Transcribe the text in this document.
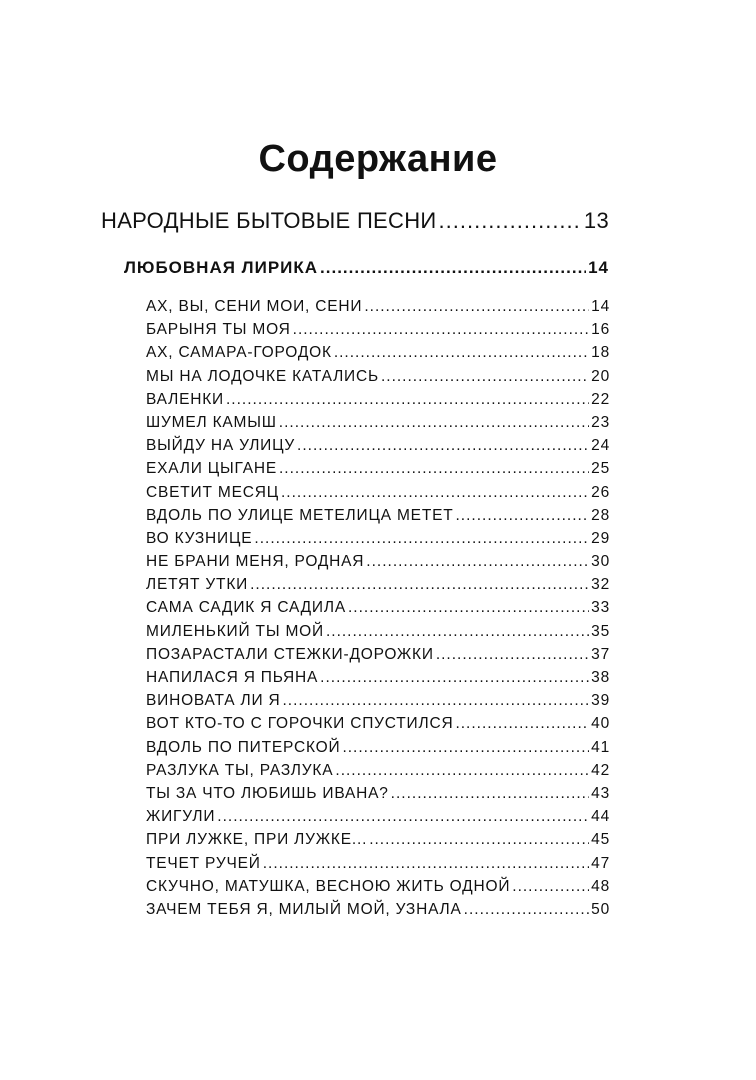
Содержание
НАРОДНЫЕ БЫТОВЫЕ ПЕСНИ .....	13
ЛЮБОВНАЯ ЛИРИКА .....	14
АХ, ВЫ, СЕНИ МОИ, СЕНИ .....	14
БАРЫНЯ ТЫ МОЯ .....	16
АХ, САМАРА-ГОРОДОК .....	18
МЫ НА ЛОДОЧКЕ КАТАЛИСЬ .....	20
ВАЛЕНКИ .....	22
ШУМЕЛ КАМЫШ .....	23
ВЫЙДУ НА УЛИЦУ .....	24
ЕХАЛИ ЦЫГАНЕ .....	25
СВЕТИТ МЕСЯЦ .....	26
ВДОЛЬ ПО УЛИЦЕ МЕТЕЛИЦА МЕТЕТ .....	28
ВО КУЗНИЦЕ .....	29
НЕ БРАНИ МЕНЯ, РОДНАЯ .....	30
ЛЕТЯТ УТКИ .....	32
САМА САДИК Я САДИЛА .....	33
МИЛЕНЬКИЙ ТЫ МОЙ .....	35
ПОЗАРАСТАЛИ СТЕЖКИ-ДОРОЖКИ .....	37
НАПИЛАСЯ Я ПЬЯНА .....	38
ВИНОВАТА ЛИ Я .....	39
ВОТ КТО-ТО С ГОРОЧКИ СПУСТИЛСЯ .....	40
ВДОЛЬ ПО ПИТЕРСКОЙ .....	41
РАЗЛУКА ТЫ, РАЗЛУКА .....	42
ТЫ ЗА ЧТО ЛЮБИШЬ ИВАНА? .....	43
ЖИГУЛИ .....	44
ПРИ ЛУЖКЕ, ПРИ ЛУЖКЕ... .....	45
ТЕЧЕТ РУЧЕЙ .....	47
СКУЧНО, МАТУШКА, ВЕСНОЮ ЖИТЬ ОДНОЙ .....	48
ЗАЧЕМ ТЕБЯ Я, МИЛЫЙ МОЙ, УЗНАЛА .....	50
